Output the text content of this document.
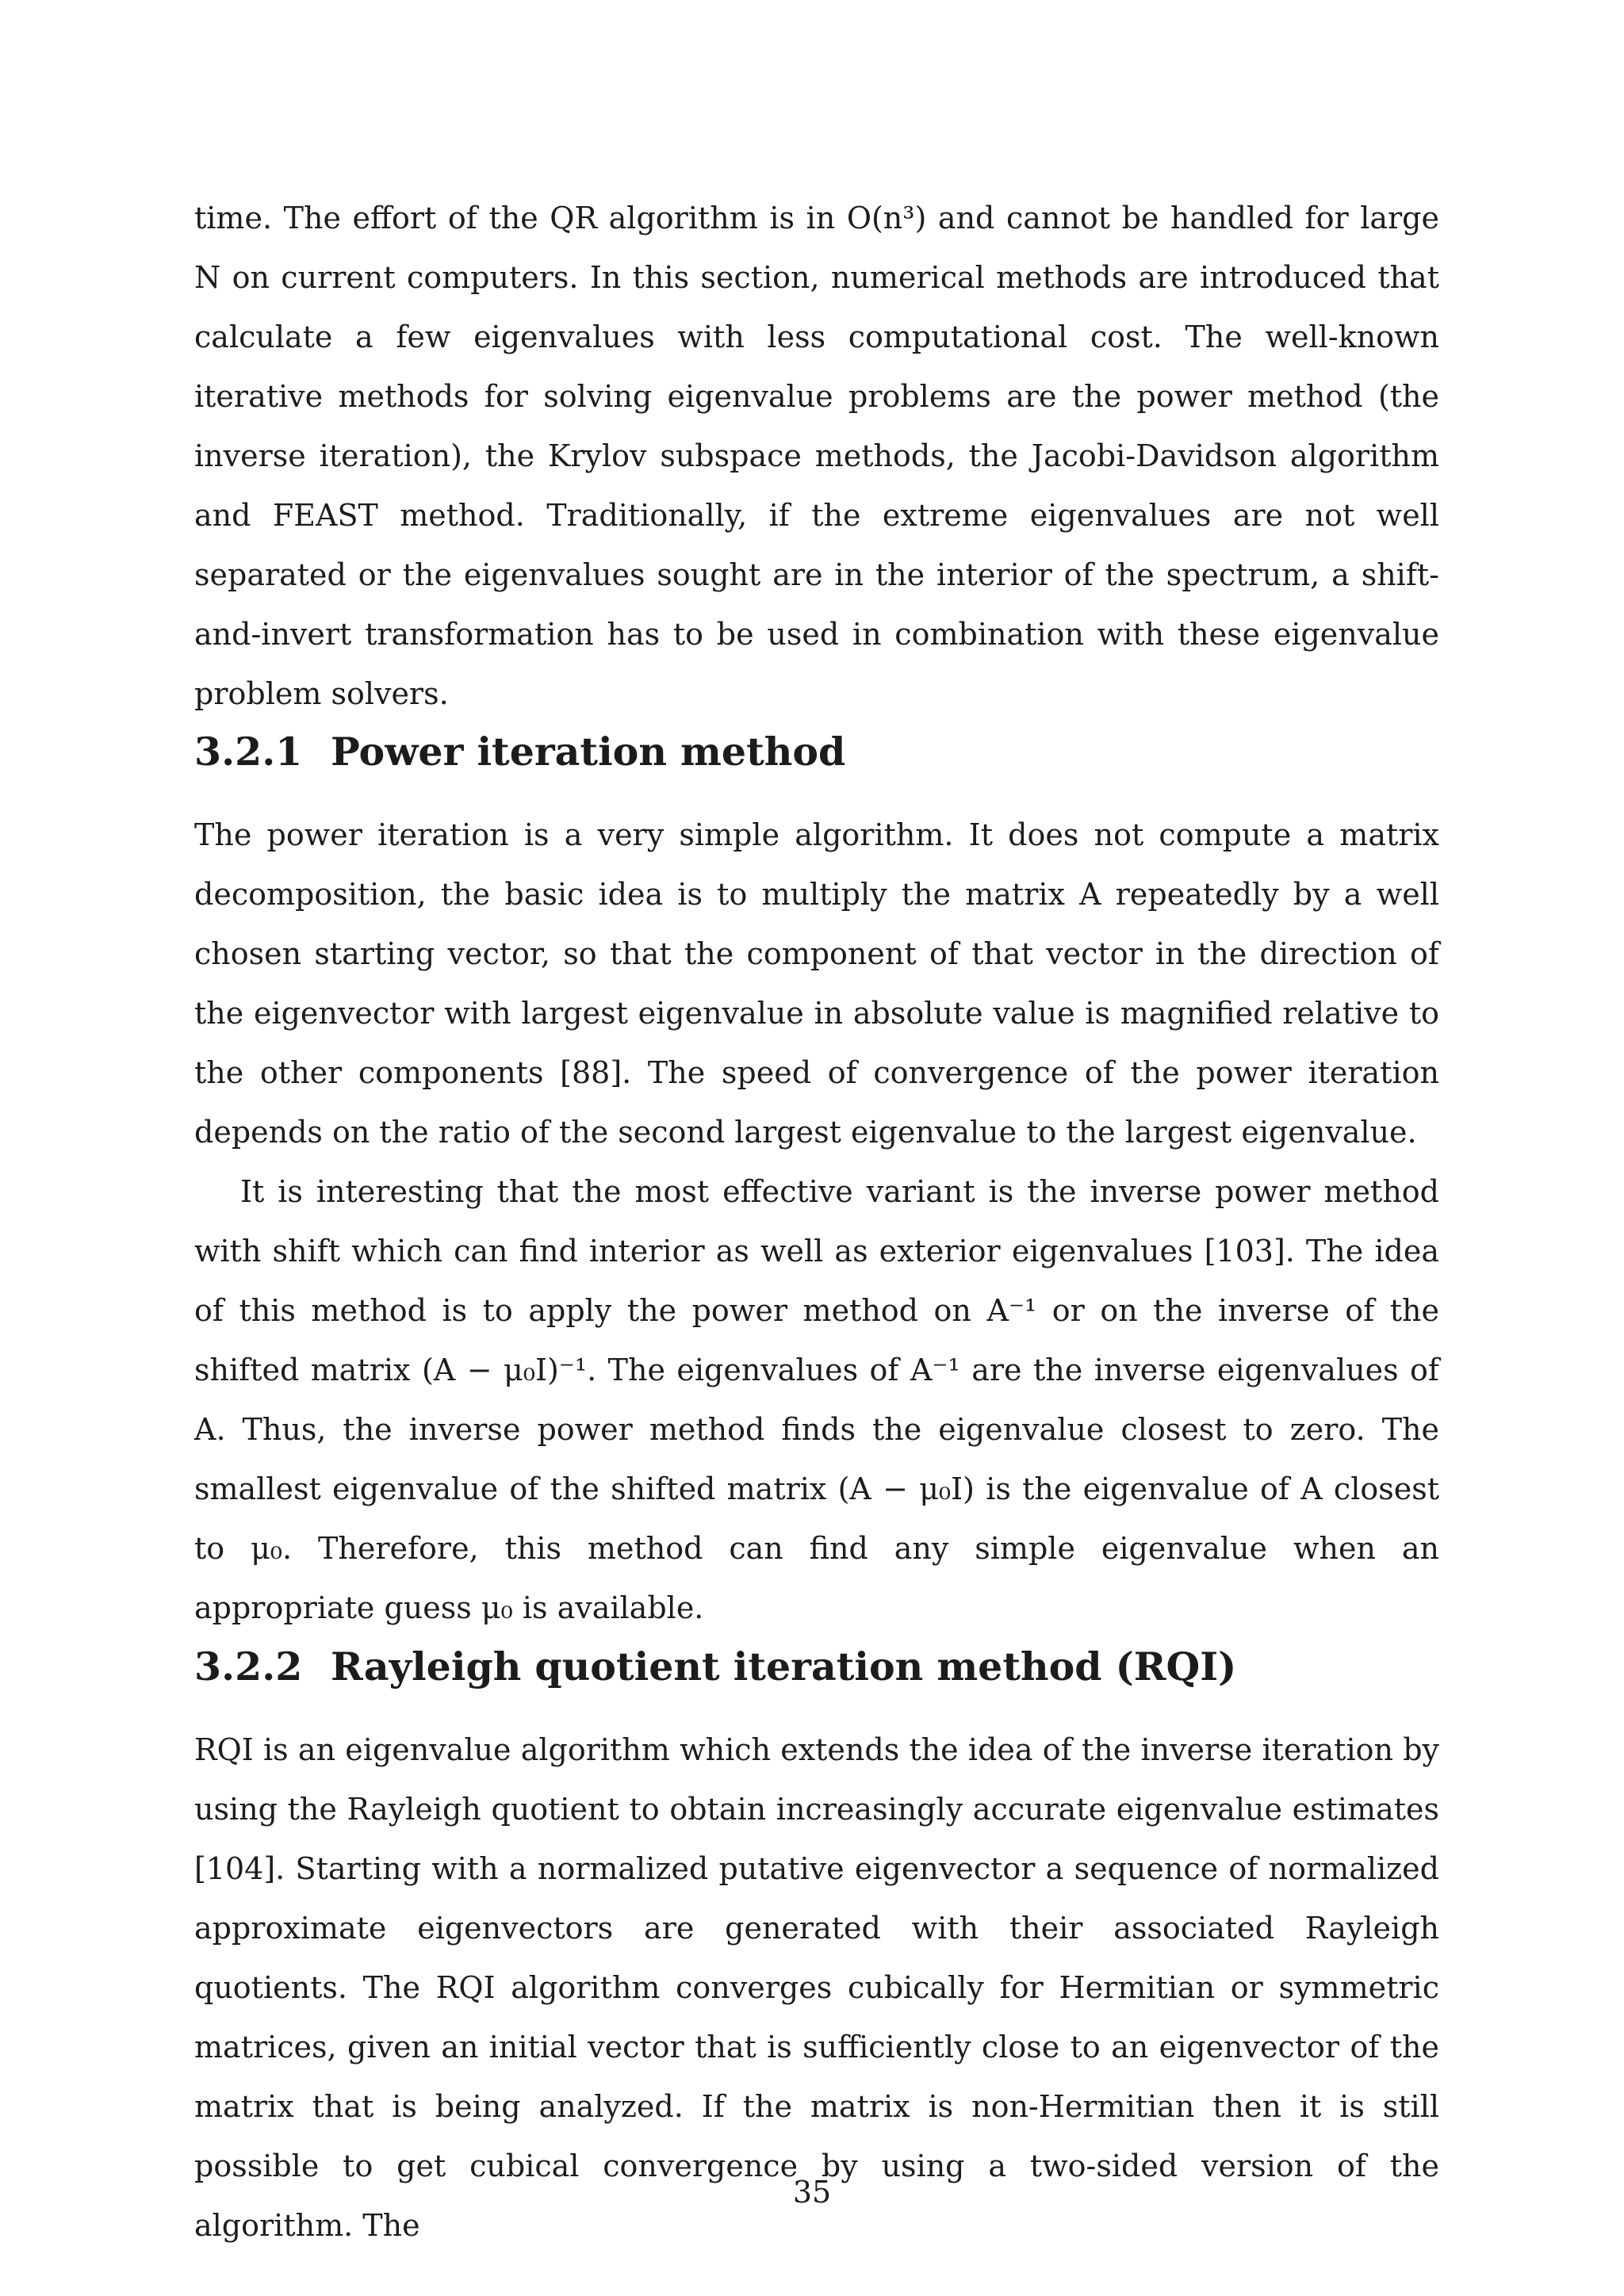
time. The effort of the QR algorithm is in O(n³) and cannot be handled for large N on current computers. In this section, numerical methods are introduced that calculate a few eigenvalues with less computational cost. The well-known iterative methods for solving eigenvalue problems are the power method (the inverse iteration), the Krylov subspace methods, the Jacobi-Davidson algorithm and FEAST method. Traditionally, if the extreme eigenvalues are not well separated or the eigenvalues sought are in the interior of the spectrum, a shift-and-invert transformation has to be used in combination with these eigenvalue problem solvers.

3.2.1 Power iteration method

The power iteration is a very simple algorithm. It does not compute a matrix decomposition, the basic idea is to multiply the matrix A repeatedly by a well chosen starting vector, so that the component of that vector in the direction of the eigenvector with largest eigenvalue in absolute value is magnified relative to the other components [88]. The speed of convergence of the power iteration depends on the ratio of the second largest eigenvalue to the largest eigenvalue.

It is interesting that the most effective variant is the inverse power method with shift which can find interior as well as exterior eigenvalues [103]. The idea of this method is to apply the power method on A⁻¹ or on the inverse of the shifted matrix (A − μ₀I)⁻¹. The eigenvalues of A⁻¹ are the inverse eigenvalues of A. Thus, the inverse power method finds the eigenvalue closest to zero. The smallest eigenvalue of the shifted matrix (A − μ₀I) is the eigenvalue of A closest to μ₀. Therefore, this method can find any simple eigenvalue when an appropriate guess μ₀ is available.

3.2.2 Rayleigh quotient iteration method (RQI)

RQI is an eigenvalue algorithm which extends the idea of the inverse iteration by using the Rayleigh quotient to obtain increasingly accurate eigenvalue estimates [104]. Starting with a normalized putative eigenvector a sequence of normalized approximate eigenvectors are generated with their associated Rayleigh quotients. The RQI algorithm converges cubically for Hermitian or symmetric matrices, given an initial vector that is sufficiently close to an eigenvector of the matrix that is being analyzed. If the matrix is non-Hermitian then it is still possible to get cubical convergence by using a two-sided version of the algorithm. The

35
